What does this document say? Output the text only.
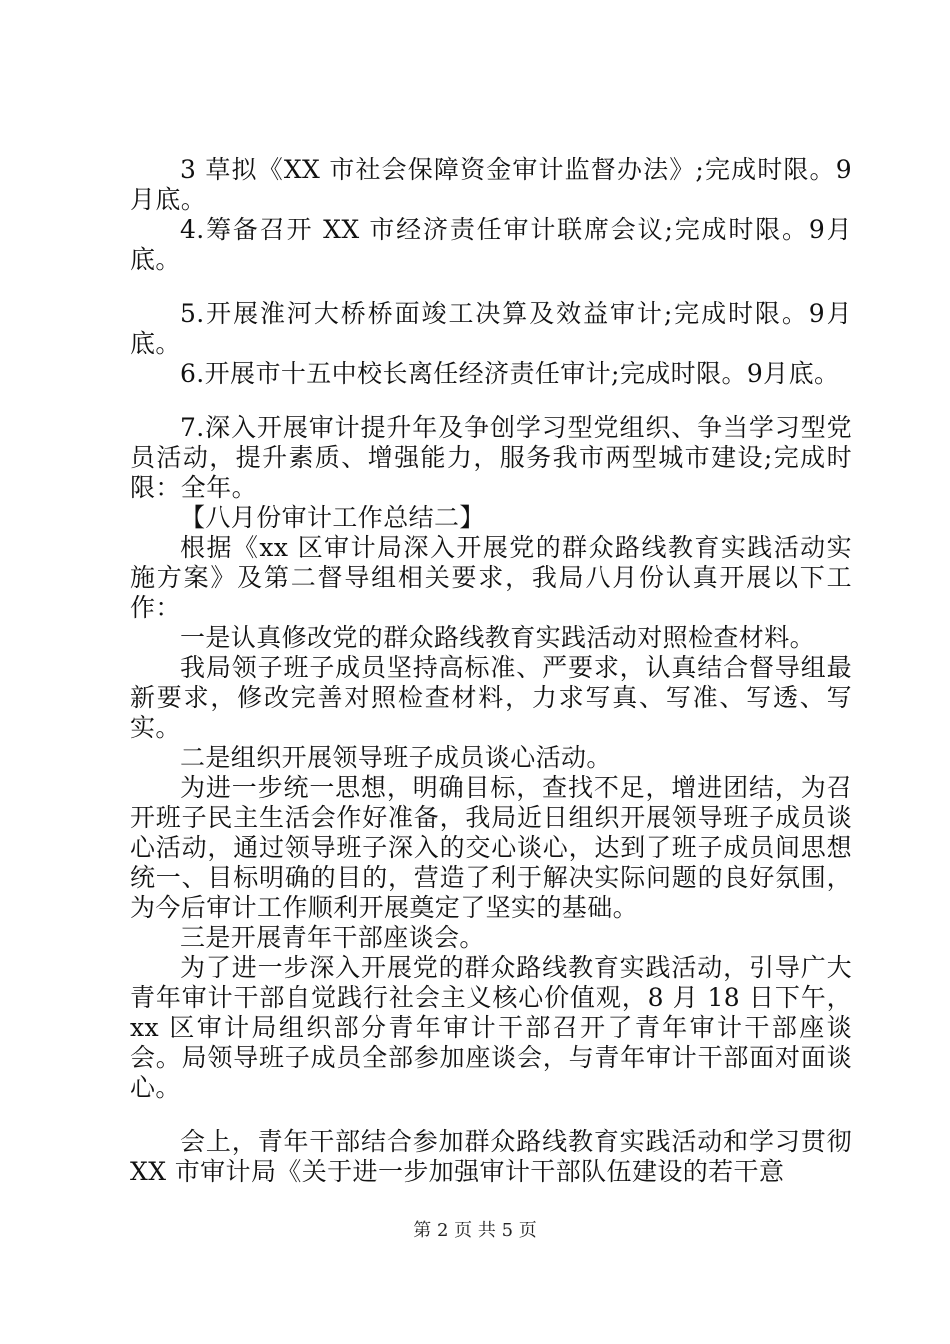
3 草拟《XX 市社会保障资金审计监督办法》;完成时限。9月底。

4.筹备召开 XX 市经济责任审计联席会议;完成时限。9月底。

5.开展淮河大桥桥面竣工决算及效益审计;完成时限。9月底。

6.开展市十五中校长离任经济责任审计;完成时限。9月底。

7.深入开展审计提升年及争创学习型党组织、争当学习型党员活动，提升素质、增强能力，服务我市两型城市建设;完成时限：全年。

【八月份审计工作总结二】

根据《xx 区审计局深入开展党的群众路线教育实践活动实施方案》及第二督导组相关要求，我局八月份认真开展以下工作：

一是认真修改党的群众路线教育实践活动对照检查材料。

我局领子班子成员坚持高标准、严要求，认真结合督导组最新要求，修改完善对照检查材料，力求写真、写准、写透、写实。

二是组织开展领导班子成员谈心活动。

为进一步统一思想，明确目标，查找不足，增进团结，为召开班子民主生活会作好准备，我局近日组织开展领导班子成员谈心活动，通过领导班子深入的交心谈心，达到了班子成员间思想统一、目标明确的目的，营造了利于解决实际问题的良好氛围，为今后审计工作顺利开展奠定了坚实的基础。

三是开展青年干部座谈会。

为了进一步深入开展党的群众路线教育实践活动，引导广大青年审计干部自觉践行社会主义核心价值观，8 月 18 日下午，xx 区审计局组织部分青年审计干部召开了青年审计干部座谈会。局领导班子成员全部参加座谈会，与青年审计干部面对面谈心。

会上，青年干部结合参加群众路线教育实践活动和学习贯彻 XX 市审计局《关于进一步加强审计干部队伍建设的若干意

第 2 页 共 5 页
